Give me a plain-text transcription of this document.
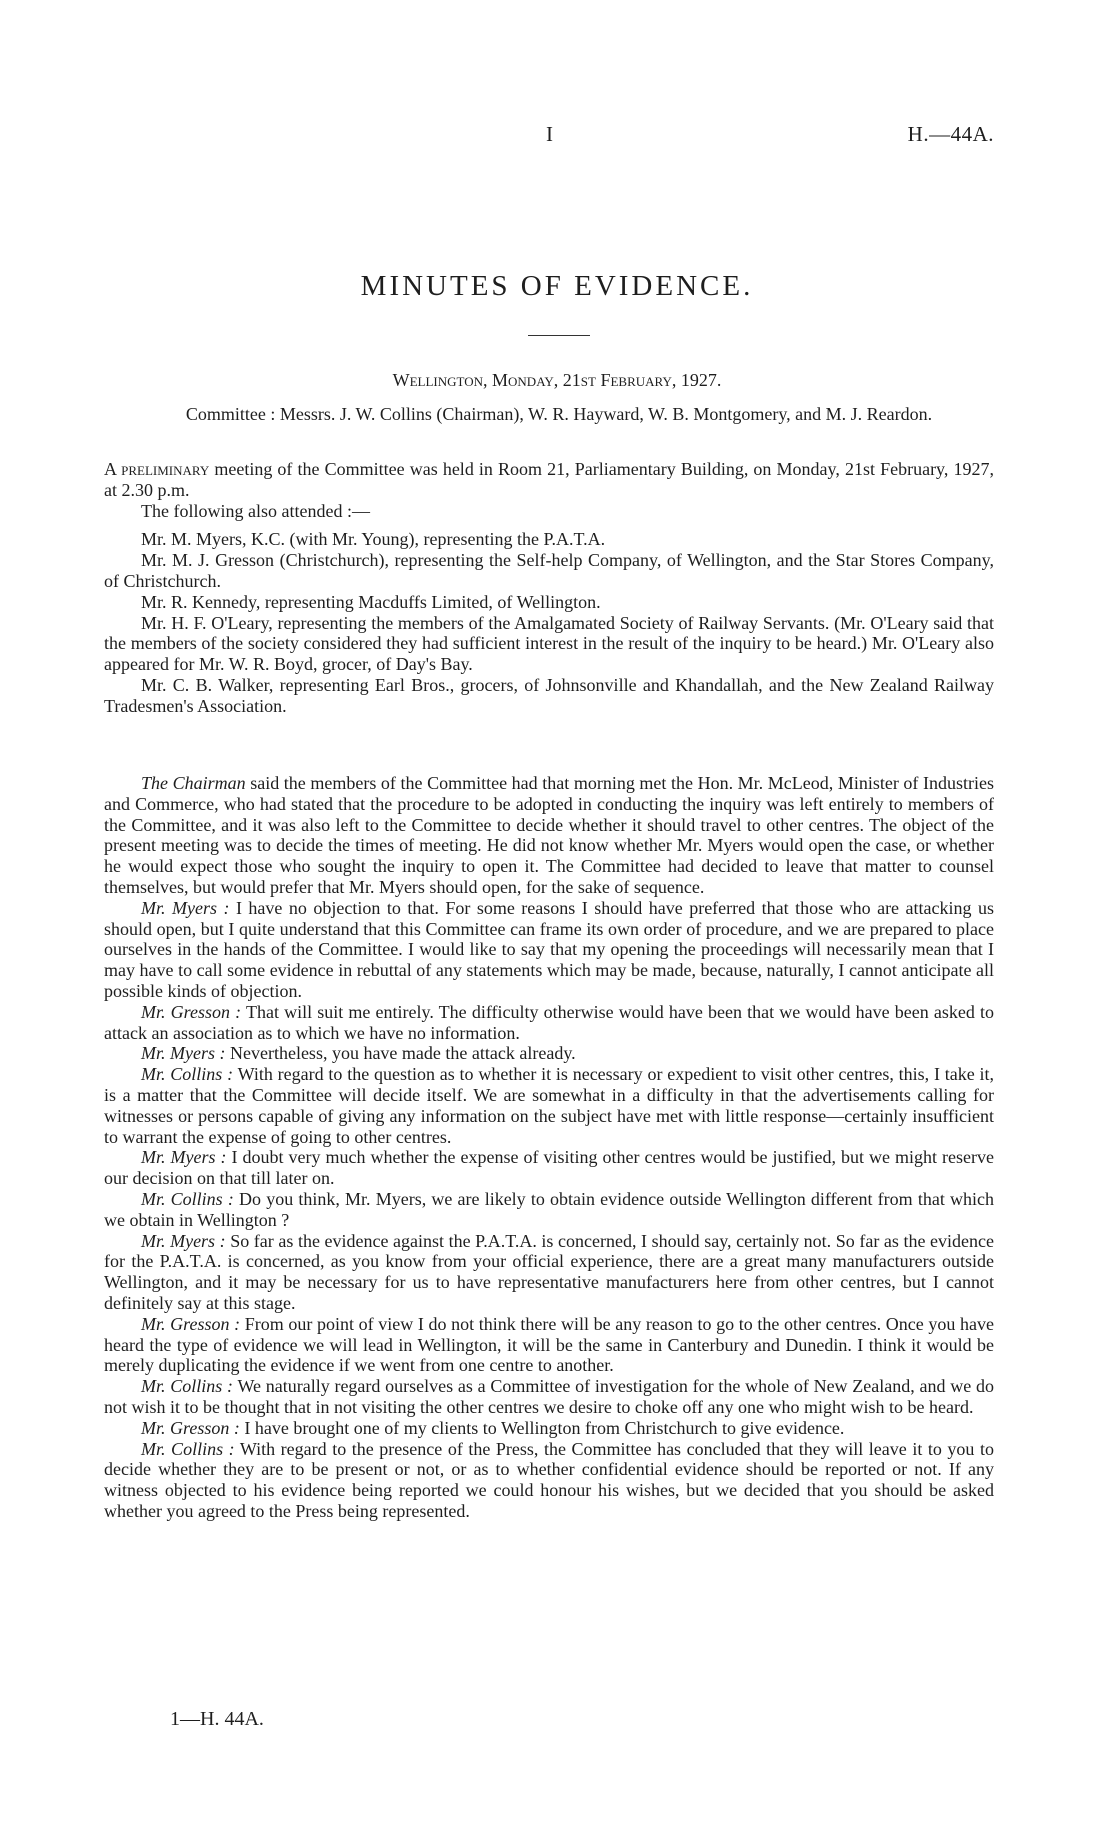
I	H.—44A.
MINUTES OF EVIDENCE.
Wellington, Monday, 21st February, 1927.
Committee : Messrs. J. W. Collins (Chairman), W. R. Hayward, W. B. Montgomery, and M. J. Reardon.

A preliminary meeting of the Committee was held in Room 21, Parliamentary Building, on Monday, 21st February, 1927, at 2.30 p.m.

The following also attended :—

Mr. M. Myers, K.C. (with Mr. Young), representing the P.A.T.A.

Mr. M. J. Gresson (Christchurch), representing the Self-help Company, of Wellington, and the Star Stores Company, of Christchurch.

Mr. R. Kennedy, representing Macduffs Limited, of Wellington.

Mr. H. F. O'Leary, representing the members of the Amalgamated Society of Railway Servants. (Mr. O'Leary said that the members of the society considered they had sufficient interest in the result of the inquiry to be heard.) Mr. O'Leary also appeared for Mr. W. R. Boyd, grocer, of Day's Bay.

Mr. C. B. Walker, representing Earl Bros., grocers, of Johnsonville and Khandallah, and the New Zealand Railway Tradesmen's Association.

The Chairman said the members of the Committee had that morning met the Hon. Mr. McLeod, Minister of Industries and Commerce, who had stated that the procedure to be adopted in conducting the inquiry was left entirely to members of the Committee, and it was also left to the Committee to decide whether it should travel to other centres. The object of the present meeting was to decide the times of meeting. He did not know whether Mr. Myers would open the case, or whether he would expect those who sought the inquiry to open it. The Committee had decided to leave that matter to counsel themselves, but would prefer that Mr. Myers should open, for the sake of sequence.

Mr. Myers : I have no objection to that. For some reasons I should have preferred that those who are attacking us should open, but I quite understand that this Committee can frame its own order of procedure, and we are prepared to place ourselves in the hands of the Committee. I would like to say that my opening the proceedings will necessarily mean that I may have to call some evidence in rebuttal of any statements which may be made, because, naturally, I cannot anticipate all possible kinds of objection.

Mr. Gresson : That will suit me entirely. The difficulty otherwise would have been that we would have been asked to attack an association as to which we have no information.

Mr. Myers : Nevertheless, you have made the attack already.

Mr. Collins : With regard to the question as to whether it is necessary or expedient to visit other centres, this, I take it, is a matter that the Committee will decide itself. We are somewhat in a difficulty in that the advertisements calling for witnesses or persons capable of giving any information on the subject have met with little response—certainly insufficient to warrant the expense of going to other centres.

Mr. Myers : I doubt very much whether the expense of visiting other centres would be justified, but we might reserve our decision on that till later on.

Mr. Collins : Do you think, Mr. Myers, we are likely to obtain evidence outside Wellington different from that which we obtain in Wellington ?

Mr. Myers : So far as the evidence against the P.A.T.A. is concerned, I should say, certainly not. So far as the evidence for the P.A.T.A. is concerned, as you know from your official experience, there are a great many manufacturers outside Wellington, and it may be necessary for us to have representative manufacturers here from other centres, but I cannot definitely say at this stage.

Mr. Gresson : From our point of view I do not think there will be any reason to go to the other centres. Once you have heard the type of evidence we will lead in Wellington, it will be the same in Canterbury and Dunedin. I think it would be merely duplicating the evidence if we went from one centre to another.

Mr. Collins : We naturally regard ourselves as a Committee of investigation for the whole of New Zealand, and we do not wish it to be thought that in not visiting the other centres we desire to choke off any one who might wish to be heard.

Mr. Gresson : I have brought one of my clients to Wellington from Christchurch to give evidence.

Mr. Collins : With regard to the presence of the Press, the Committee has concluded that they will leave it to you to decide whether they are to be present or not, or as to whether confidential evidence should be reported or not. If any witness objected to his evidence being reported we could honour his wishes, but we decided that you should be asked whether you agreed to the Press being represented.

1—H. 44A.
